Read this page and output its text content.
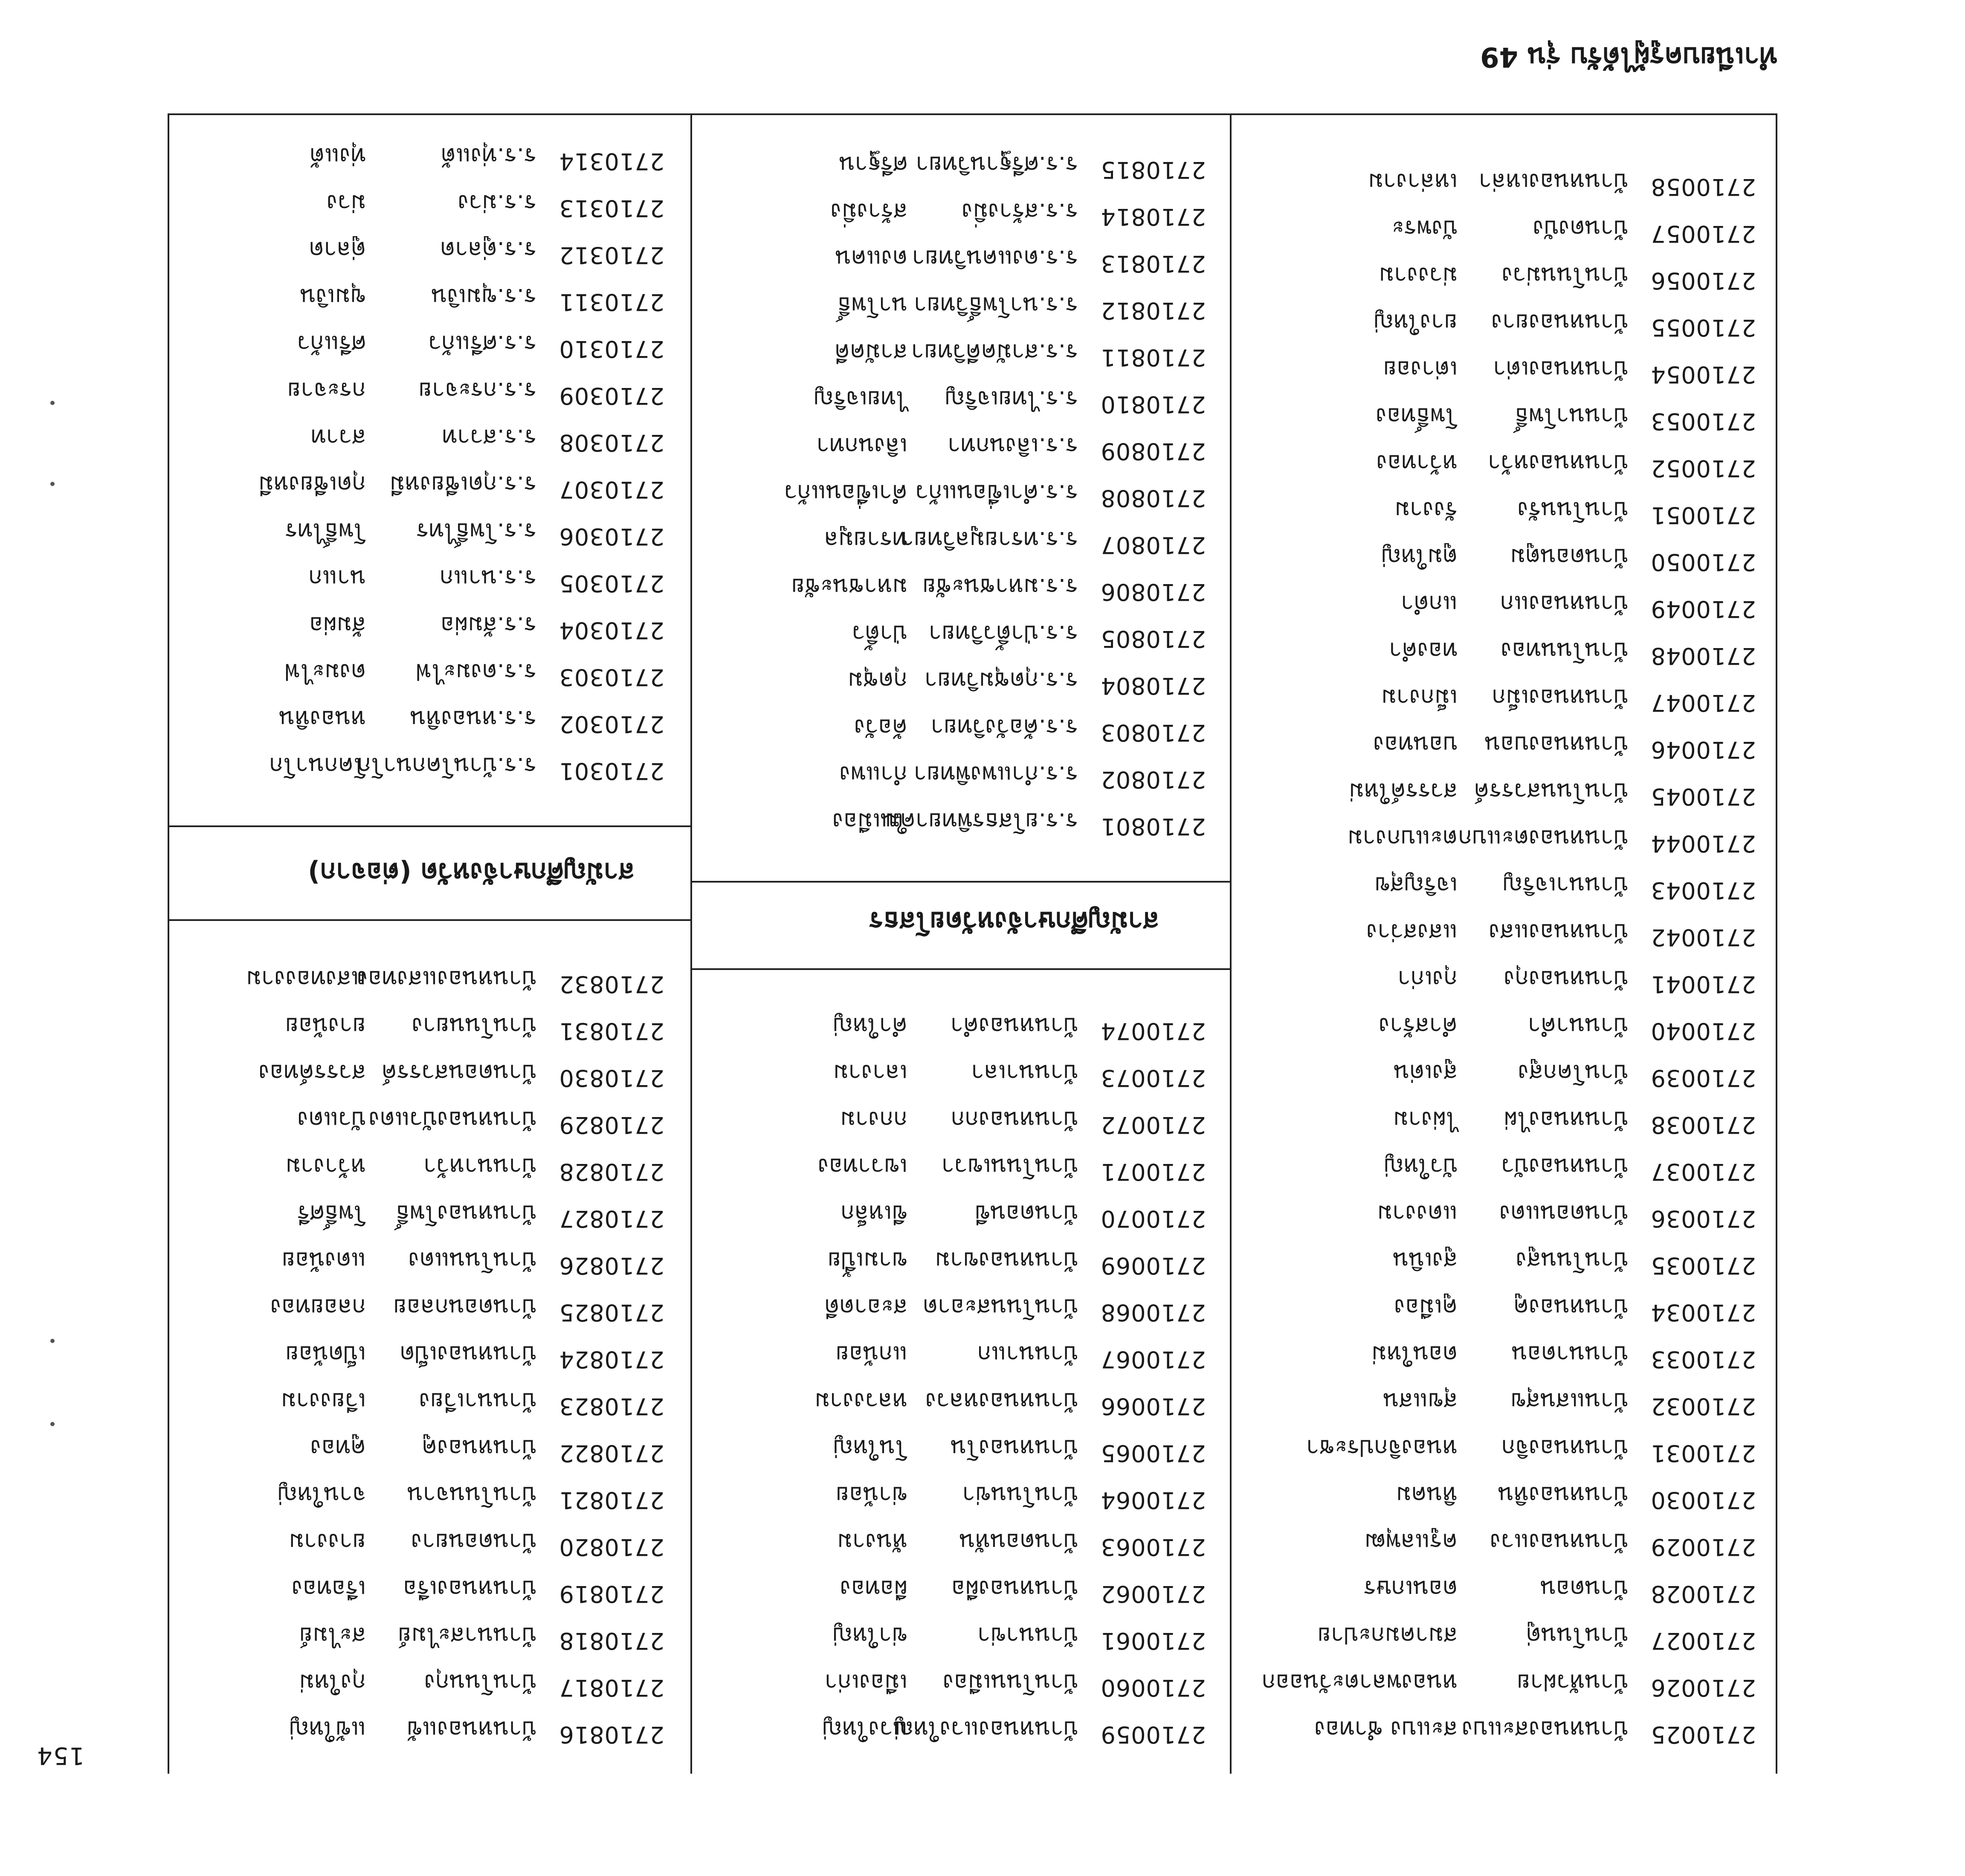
154
ทำเนียบครูผู้ได้รับ รุ่น 49
สามัญศึกษาจังหวัดยโสธร
สามัญศึกษาจังหวัด (ต่อจาก)
2710025
บ้านหนองสะแบง
สะแบง ชำทอง
2710026
บ้านหัวฝาย
หนองพลาตะวันออก
2710027
บ้านโนนดู่
สมาคมกะปาย
2710028
บ้านดอน
ดอนเกษร
2710029
บ้านหนองแวง
ครูแลพุฒ
2710030
บ้านหนองหิน
หินคม
2710031
บ้านหนองจิก
หนองจิกประชา
2710032
บ้านแสนสุข
สุขแสน
2710033
บ้านนาดอน
ดอนใหม่
2710034
บ้านหนองคู
คูเมือง
2710035
บ้านโนนสูง
สูงเนิน
2710036
บ้านดอนแดง
แดงงาม
2710037
บ้านหนองบัว
บัวใหญ่
2710038
บ้านหนองไผ่
ไผ่งาม
2710039
บ้านโคกสูง
สูงเด่น
2710040
บ้านนาคำ
คำสร้าง
2710041
บ้านหนองกุง
กุงเก่า
2710042
บ้านหนองแสง
แสงสว่าง
2710043
บ้านนาเจริญ
เจริญสุข
2710044
บ้านหนองตะแบก
ตะแบกงาม
2710045
บ้านโนนสวรรค์
สวรรค์ใหม่
2710046
บ้านหนองบอน
บอนทอง
2710047
บ้านหนองเม็ก
เม็กงาม
2710048
บ้านโนนทอง
ทองคำ
2710049
บ้านหนองแก
แกดำ
2710050
บ้านดอนตูม
ตูมใหญ่
2710051
บ้านโนนรัง
รังงาม
2710052
บ้านหนองหว้า
หว้าทอง
2710053
บ้านนาโพธิ์
โพธิ์ทอง
2710054
บ้านหนองเต่า
เต่างอย
2710055
บ้านหนองยาง
ยางใหญ่
2710056
บ้านโนนม่วง
ม่วงงาม
2710057
บ้านดงบัง
บังพระ
2710058
บ้านหนองเหล่า
เหล่างาม
2710059
บ้านหนองแวงใหญ่
แวงใหญ่
2710060
บ้านโนนเมือง
เมืองเก่า
2710061
บ้านนาข่า
ข่าใหญ่
2710062
บ้านหนองผือ
ผือทอง
2710063
บ้านดอนหัน
หันงาม
2710064
บ้านโนนข่า
ข่าน้อย
2710065
บ้านหนองโน
โนใหญ่
2710066
บ้านหนองหลวง
หลวงงาม
2710067
บ้านนาแก
แกน้อย
2710068
บ้านโนนสะอาด
สะอาดดี
2710069
บ้านหนองขาม
ขามเปี้ย
2710070
บ้านดอนขี
ขีเหล็ก
2710071
บ้านโนนเขวา
เขวาทอง
2710072
บ้านหนองกก
กกงาม
2710073
บ้านนาเลา
เลางาม
2710074
บ้านหนองคำ
คำใหญ่
2710801
ร.ร.ยโสธรพิทยาคม
ในเมือง
2710802
ร.ร.กำแพงพิทยา
กำแพง
2710803
ร.ร.ค้อวังวิทยา
ค้อวัง
2710804
ร.ร.กุดชุมวิทยา
กุดชุม
2710805
ร.ร.ป่าติ้ววิทยา
ป่าติ้ว
2710806
ร.ร.มหาชนะชัย
มหาชนะชัย
2710807
ร.ร.ทรายมูลวิทยา
ทรายมูล
2710808
ร.ร.คำเขื่อนแก้ว
คำเขื่อนแก้ว
2710809
ร.ร.เลิงนกทา
เลิงนกทา
2710810
ร.ร.ไทยเจริญ
ไทยเจริญ
2710811
ร.ร.สามัคคีวิทยา
สามัคคี
2710812
ร.ร.นาโพธิ์วิทยา
นาโพธิ์
2710813
ร.ร.ดงแคนวิทยา
ดงแคน
2710814
ร.ร.สร้างมิ่ง
สร้างมิ่ง
2710815
ร.ร.ศรีฐานวิทยา
ศรีฐาน
2710816
บ้านหนองแข้
แข้ใหญ่
2710817
บ้านโนนกุง
กุงใหม่
2710818
บ้านนาสะไมย์
สะไมย์
2710819
บ้านหนองเรือ
เรือทอง
2710820
บ้านดอนยาง
ยางงาม
2710821
บ้านโนนจาน
จานใหญ่
2710822
บ้านหนองคู
คูทอง
2710823
บ้านนาเวียง
เวียงงาม
2710824
บ้านหนองเป็ด
เป็ดน้อย
2710825
บ้านดอนกลอย
กลอยทอง
2710826
บ้านโนนแดง
แดงน้อย
2710827
บ้านหนองโพธิ์
โพธิ์ศรี
2710828
บ้านนาหว้า
หว้างาม
2710829
บ้านหนองบัวแดง
บัวแดง
2710830
บ้านดอนสวรรค์
สวรรค์ทอง
2710831
บ้านโนนยาง
ยางน้อย
2710832
บ้านหนองแสงทอง
แสงทองงาม
2710301
ร.ร.บ้านโคกนาโก
โคกนาโก
2710302
ร.ร.หนองหิน
หนองหิน
2710303
ร.ร.ดงมะไฟ
ดงมะไฟ
2710304
ร.ร.ส้มผ่อ
ส้มผ่อ
2710305
ร.ร.นาแก
นาแก
2710306
ร.ร.โพธิ์ไทร
โพธิ์ไทร
2710307
ร.ร.กุดเชียงหมี
กุดเชียงหมี
2710308
ร.ร.สวาท
สวาท
2710309
ร.ร.กระจาย
กระจาย
2710310
ร.ร.ศรีแก้ว
ศรีแก้ว
2710311
ร.ร.ขุมเงิน
ขุมเงิน
2710312
ร.ร.ดู่ลาด
ดู่ลาด
2710313
ร.ร.ม่วง
ม่วง
2710314
ร.ร.ทุ่งแต้
ทุ่งแต้
